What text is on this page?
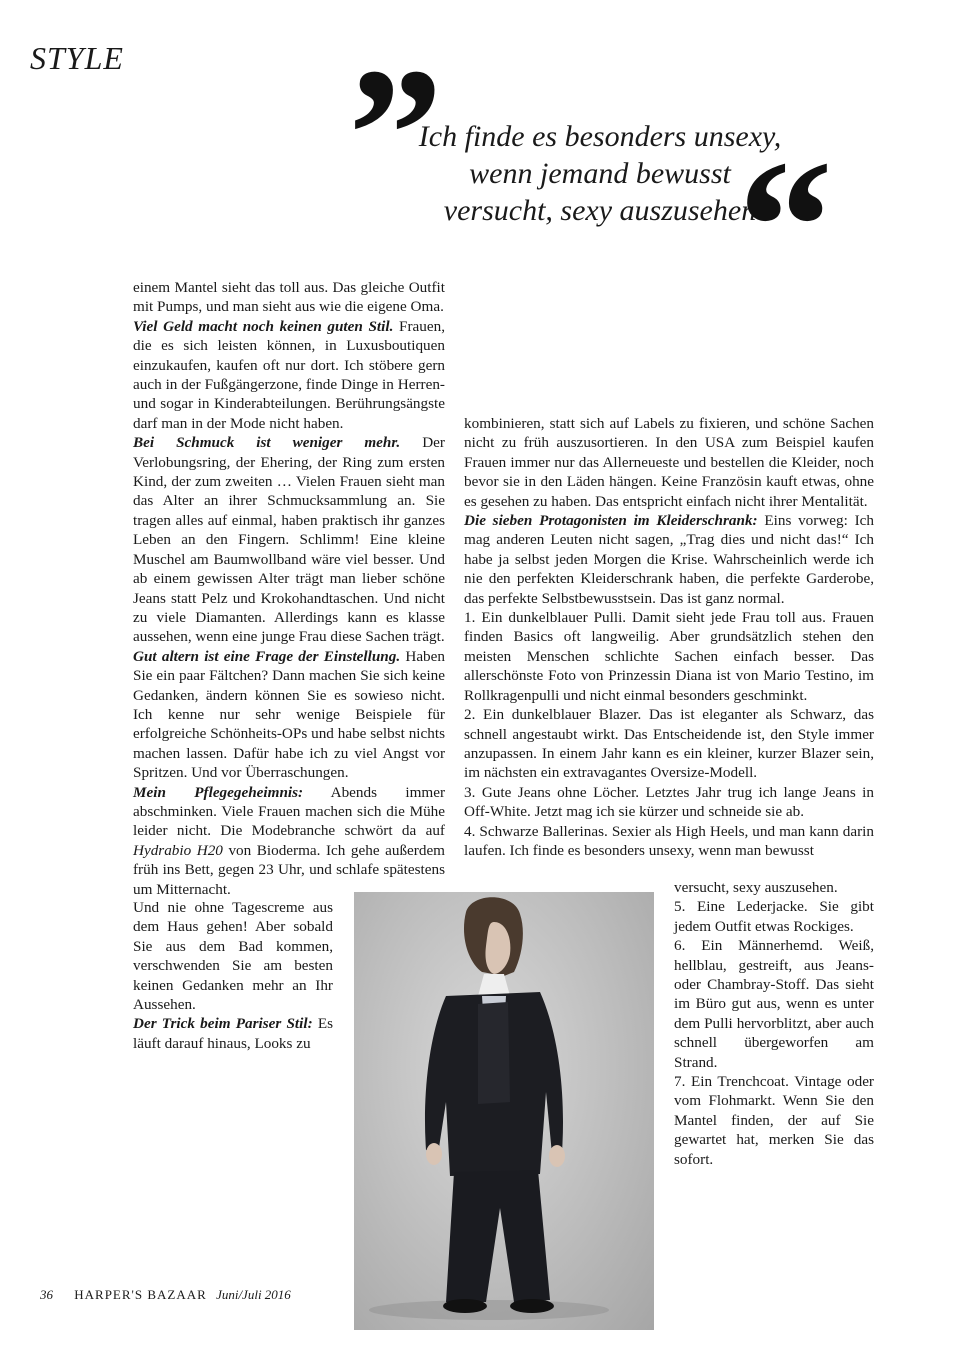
STYLE ”
Ich finde es besonders unsexy,
wenn jemand bewusst
versucht, sexy auszusehen
“

einem Mantel sieht das toll aus. Das gleiche Outfit mit Pumps, und man sieht aus wie die eigene Oma.

Viel Geld macht noch keinen guten Stil. Frauen, die es sich leisten können, in Luxusboutiquen einzukaufen, kaufen oft nur dort. Ich stöbere gern auch in der Fußgängerzone, finde Dinge in Herren- und sogar in Kinderabteilungen. Berührungsängste darf man in der Mode nicht haben.

Bei Schmuck ist weniger mehr. Der Verlobungsring, der Ehering, der Ring zum ersten Kind, der zum zweiten … Vielen Frauen sieht man das Alter an ihrer Schmucksammlung an. Sie tragen alles auf einmal, haben praktisch ihr ganzes Leben an den Fingern. Schlimm! Eine kleine Muschel am Baumwollband wäre viel besser. Und ab einem gewissen Alter trägt man lieber schöne Jeans statt Pelz und Krokohandtaschen. Und nicht zu viele Diamanten. Allerdings kann es klasse aussehen, wenn eine junge Frau diese Sachen trägt.

Gut altern ist eine Frage der Einstellung. Haben Sie ein paar Fältchen? Dann machen Sie sich keine Gedanken, ändern können Sie es sowieso nicht. Ich kenne nur sehr wenige Beispiele für erfolgreiche Schönheits-OPs und habe selbst nichts machen lassen. Dafür habe ich zu viel Angst vor Spritzen. Und vor Überraschungen.

Mein Pflegegeheimnis: Abends immer abschminken. Viele Frauen machen sich die Mühe leider nicht. Die Modebranche schwört da auf Hydrabio H20 von Bioderma. Ich gehe außerdem früh ins Bett, gegen 23 Uhr, und schlafe spätestens um Mitternacht.

Und nie ohne Tagescreme aus dem Haus gehen! Aber sobald Sie aus dem Bad kommen, verschwenden Sie am besten keinen Gedanken mehr an Ihr Aussehen.

Der Trick beim Pariser Stil: Es läuft darauf hinaus, Looks zu

kombinieren, statt sich auf Labels zu fixieren, und schöne Sachen nicht zu früh auszusortieren. In den USA zum Beispiel kaufen Frauen immer nur das Allerneueste und bestellen die Kleider, noch bevor sie in den Läden hängen. Keine Französin kauft etwas, ohne es gesehen zu haben. Das entspricht einfach nicht ihrer Mentalität.

Die sieben Protagonisten im Kleiderschrank: Eins vorweg: Ich mag anderen Leuten nicht sagen, „Trag dies und nicht das!“ Ich habe ja selbst jeden Morgen die Krise. Wahrscheinlich werde ich nie den perfekten Kleiderschrank haben, die perfekte Garderobe, das perfekte Selbstbewusstsein. Das ist ganz normal.

1. Ein dunkelblauer Pulli. Damit sieht jede Frau toll aus. Frauen finden Basics oft langweilig. Aber grundsätzlich stehen den meisten Menschen schlichte Sachen einfach besser. Das allerschönste Foto von Prinzessin Diana ist von Mario Testino, im Rollkragenpulli und nicht einmal besonders geschminkt.

2. Ein dunkelblauer Blazer. Das ist eleganter als Schwarz, das schnell angestaubt wirkt. Das Entscheidende ist, den Style immer anzupassen. In einem Jahr kann es ein kleiner, kurzer Blazer sein, im nächsten ein extravagantes Oversize-Modell.

3. Gute Jeans ohne Löcher. Letztes Jahr trug ich lange Jeans in Off-White. Jetzt mag ich sie kürzer und schneide sie ab.

4. Schwarze Ballerinas. Sexier als High Heels, und man kann darin laufen. Ich finde es besonders unsexy, wenn man bewusst

versucht, sexy auszusehen.

5. Eine Lederjacke. Sie gibt jedem Outfit etwas Rockiges.

6. Ein Männerhemd. Weiß, hellblau, gestreift, aus Jeans- oder Chambray-Stoff. Das sieht im Büro gut aus, wenn es unter dem Pulli hervorblitzt, aber auch schnell übergeworfen am Strand.

7. Ein Trenchcoat. Vintage oder vom Flohmarkt. Wenn Sie den Mantel finden, der auf Sie gewartet hat, merken Sie das sofort.

36 HARPER'S BAZAAR Juni/Juli 2016
